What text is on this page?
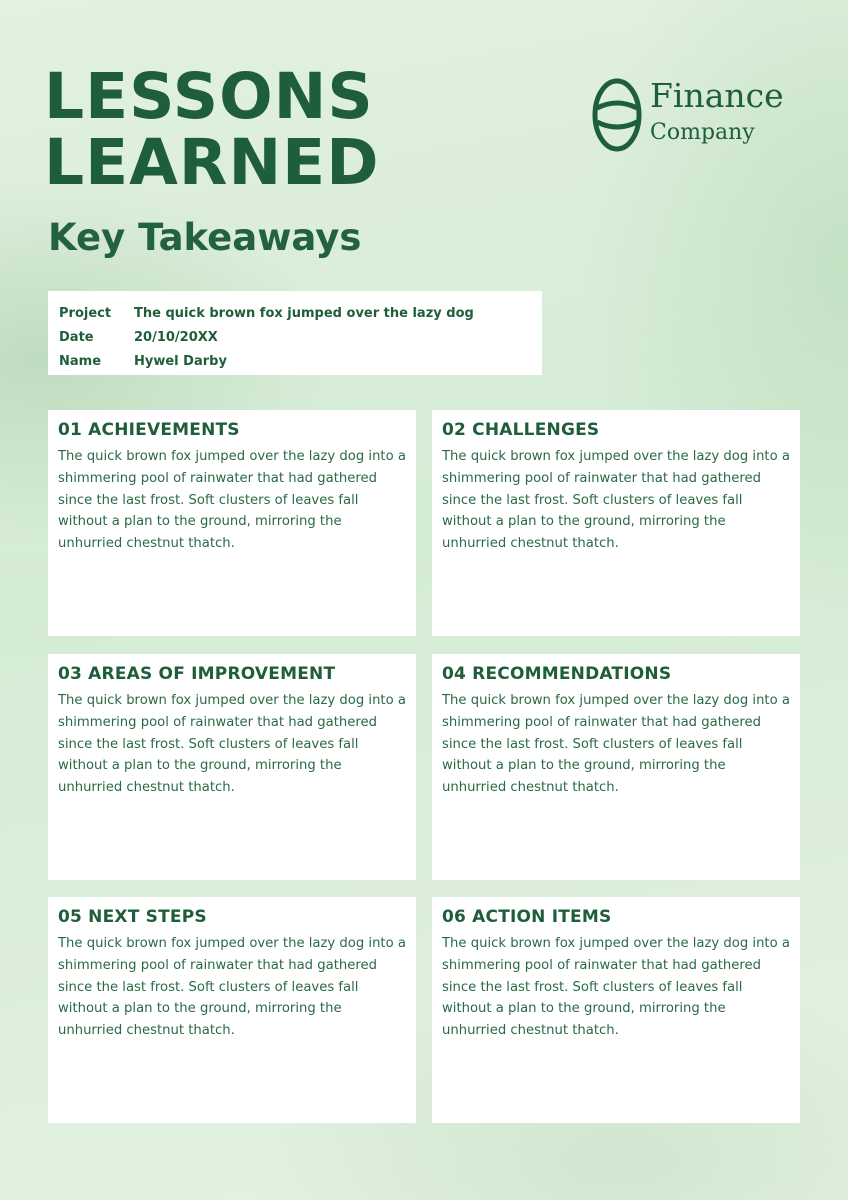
LESSONS
LEARNED
Key Takeaways
Finance
Company
Project	The quick brown fox jumped over the lazy dog
Date	20/10/20XX
Name	Hywel Darby
01 ACHIEVEMENTS

The quick brown fox jumped over the lazy dog into a shimmering pool of rainwater that had gathered since the last frost. Soft clusters of leaves fall without a plan to the ground, mirroring the unhurried chestnut thatch.

02 CHALLENGES

The quick brown fox jumped over the lazy dog into a shimmering pool of rainwater that had gathered since the last frost. Soft clusters of leaves fall without a plan to the ground, mirroring the unhurried chestnut thatch.

03 AREAS OF IMPROVEMENT

The quick brown fox jumped over the lazy dog into a shimmering pool of rainwater that had gathered since the last frost. Soft clusters of leaves fall without a plan to the ground, mirroring the unhurried chestnut thatch.

04 RECOMMENDATIONS

The quick brown fox jumped over the lazy dog into a shimmering pool of rainwater that had gathered since the last frost. Soft clusters of leaves fall without a plan to the ground, mirroring the unhurried chestnut thatch.

05 NEXT STEPS

The quick brown fox jumped over the lazy dog into a shimmering pool of rainwater that had gathered since the last frost. Soft clusters of leaves fall without a plan to the ground, mirroring the unhurried chestnut thatch.

06 ACTION ITEMS

The quick brown fox jumped over the lazy dog into a shimmering pool of rainwater that had gathered since the last frost. Soft clusters of leaves fall without a plan to the ground, mirroring the unhurried chestnut thatch.
